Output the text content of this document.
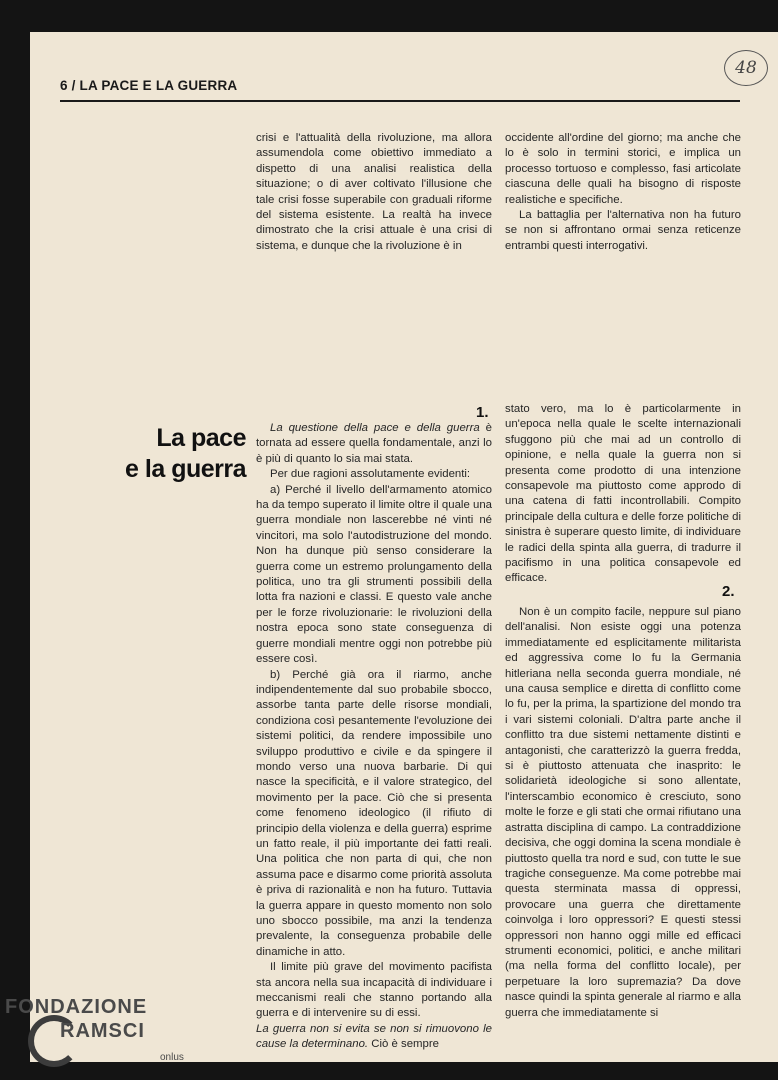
6 / LA PACE E LA GUERRA
48

crisi e l'attualità della rivoluzione, ma allora assumendola come obiettivo immediato a dispetto di una analisi realistica della situazione; o di aver coltivato l'illusione che tale crisi fosse superabile con graduali riforme del sistema esistente. La realtà ha invece dimostrato che la crisi attuale è una crisi di sistema, e dunque che la rivoluzione è in

occidente all'ordine del giorno; ma anche che lo è solo in termini storici, e implica un processo tortuoso e complesso, fasi articolate ciascuna delle quali ha bisogno di risposte realistiche e specifiche.

La battaglia per l'alternativa non ha futuro se non si affrontano ormai senza reticenze entrambi questi interrogativi.

La pace
e la guerra
1.

La questione della pace e della guerra è tornata ad essere quella fondamentale, anzi lo è più di quanto lo sia mai stata.

Per due ragioni assolutamente evidenti:

a) Perché il livello dell'armamento atomico ha da tempo superato il limite oltre il quale una guerra mondiale non lascerebbe né vinti né vincitori, ma solo l'autodistruzione del mondo. Non ha dunque più senso considerare la guerra come un estremo prolungamento della politica, uno tra gli strumenti possibili della lotta fra nazioni e classi. E questo vale anche per le forze rivoluzionarie: le rivoluzioni della nostra epoca sono state conseguenza di guerre mondiali mentre oggi non potrebbe più essere così.

b) Perché già ora il riarmo, anche indipendentemente dal suo probabile sbocco, assorbe tanta parte delle risorse mondiali, condiziona così pesantemente l'evoluzione dei sistemi politici, da rendere impossibile uno sviluppo produttivo e civile e da spingere il mondo verso una nuova barbarie. Di qui nasce la specificità, e il valore strategico, del movimento per la pace. Ciò che si presenta come fenomeno ideologico (il rifiuto di principio della violenza e della guerra) esprime un fatto reale, il più importante dei fatti reali. Una politica che non parta di qui, che non assuma pace e disarmo come priorità assoluta è priva di razionalità e non ha futuro. Tuttavia la guerra appare in questo momento non solo uno sbocco possibile, ma anzi la tendenza prevalente, la conseguenza probabile delle dinamiche in atto.

Il limite più grave del movimento pacifista sta ancora nella sua incapacità di individuare i meccanismi reali che stanno portando alla guerra e di intervenire su di essi.

La guerra non si evita se non si rimuovono le cause la determinano. Ciò è sempre

stato vero, ma lo è particolarmente in un'epoca nella quale le scelte internazionali sfuggono più che mai ad un controllo di opinione, e nella quale la guerra non si presenta come prodotto di una intenzione consapevole ma piuttosto come approdo di una catena di fatti incontrollabili. Compito principale della cultura e delle forze politiche di sinistra è superare questo limite, di individuare le radici della spinta alla guerra, di tradurre il pacifismo in una politica consapevole ed efficace.

2.

Non è un compito facile, neppure sul piano dell'analisi. Non esiste oggi una potenza immediatamente ed esplicitamente militarista ed aggressiva come lo fu la Germania hitleriana nella seconda guerra mondiale, né una causa semplice e diretta di conflitto come lo fu, per la prima, la spartizione del mondo tra i vari sistemi coloniali. D'altra parte anche il conflitto tra due sistemi nettamente distinti e antagonisti, che caratterizzò la guerra fredda, si è piuttosto attenuata che inasprito: le solidarietà ideologiche si sono allentate, l'interscambio economico è cresciuto, sono molte le forze e gli stati che ormai rifiutano una astratta disciplina di campo. La contraddizione decisiva, che oggi domina la scena mondiale è piuttosto quella tra nord e sud, con tutte le sue tragiche conseguenze. Ma come potrebbe mai questa sterminata massa di oppressi, provocare una guerra che direttamente coinvolga i loro oppressori? E questi stessi oppressori non hanno oggi mille ed efficaci strumenti economici, politici, e anche militari (ma nella forma del conflitto locale), per perpetuare la loro supremazia? Da dove nasce quindi la spinta generale al riarmo e alla guerra che immediatamente si

FONDAZIONE
RAMSCI
onlus
